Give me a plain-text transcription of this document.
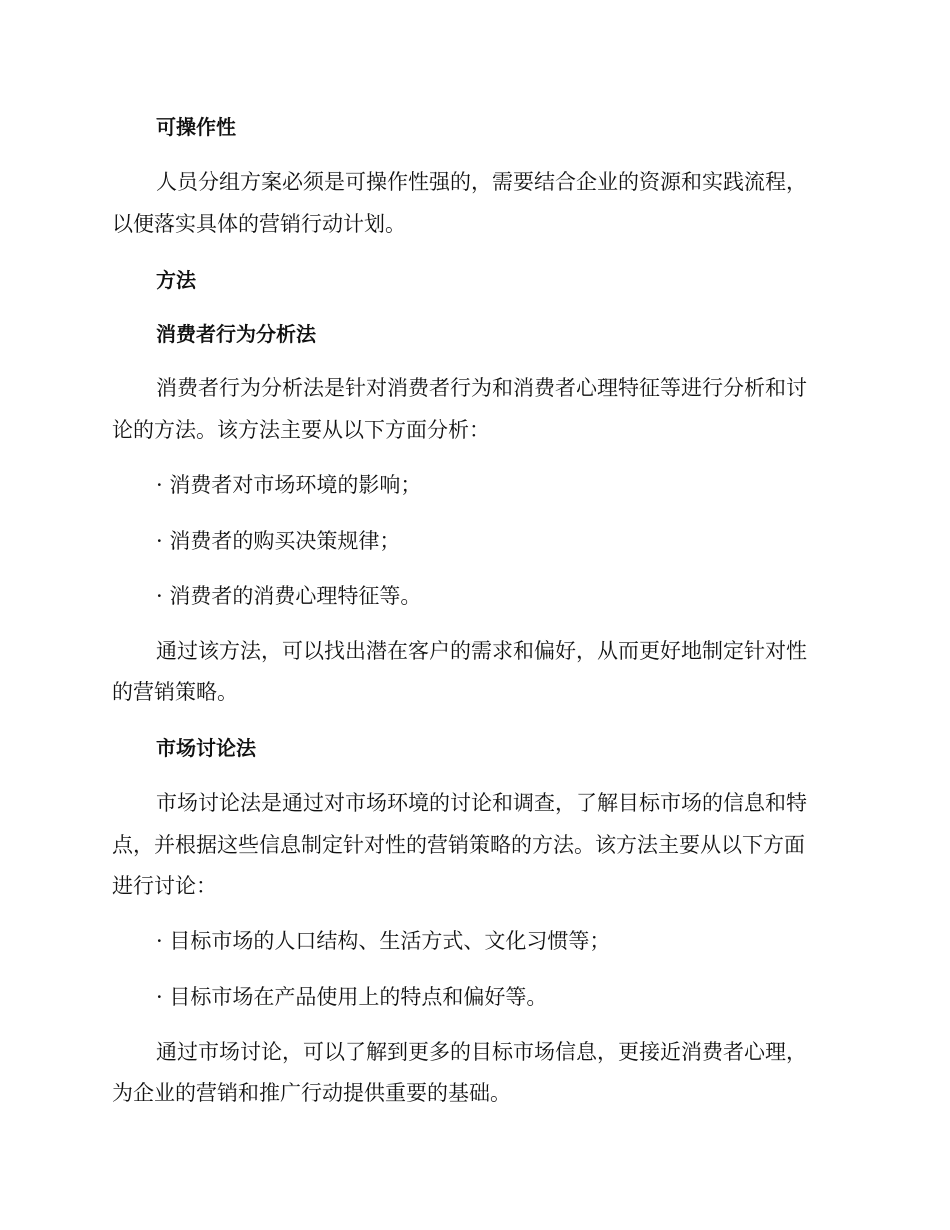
可操作性
人员分组方案必须是可操作性强的，需要结合企业的资源和实践流程，
以便落实具体的营销行动计划。
方法
消费者行为分析法
消费者行为分析法是针对消费者行为和消费者心理特征等进行分析和讨
论的方法。该方法主要从以下方面分析：
· 消费者对市场环境的影响；
· 消费者的购买决策规律；
· 消费者的消费心理特征等。
通过该方法，可以找出潜在客户的需求和偏好，从而更好地制定针对性
的营销策略。
市场讨论法
市场讨论法是通过对市场环境的讨论和调查，了解目标市场的信息和特
点，并根据这些信息制定针对性的营销策略的方法。该方法主要从以下方面
进行讨论：
· 目标市场的人口结构、生活方式、文化习惯等；
· 目标市场在产品使用上的特点和偏好等。
通过市场讨论，可以了解到更多的目标市场信息，更接近消费者心理，
为企业的营销和推广行动提供重要的基础。
